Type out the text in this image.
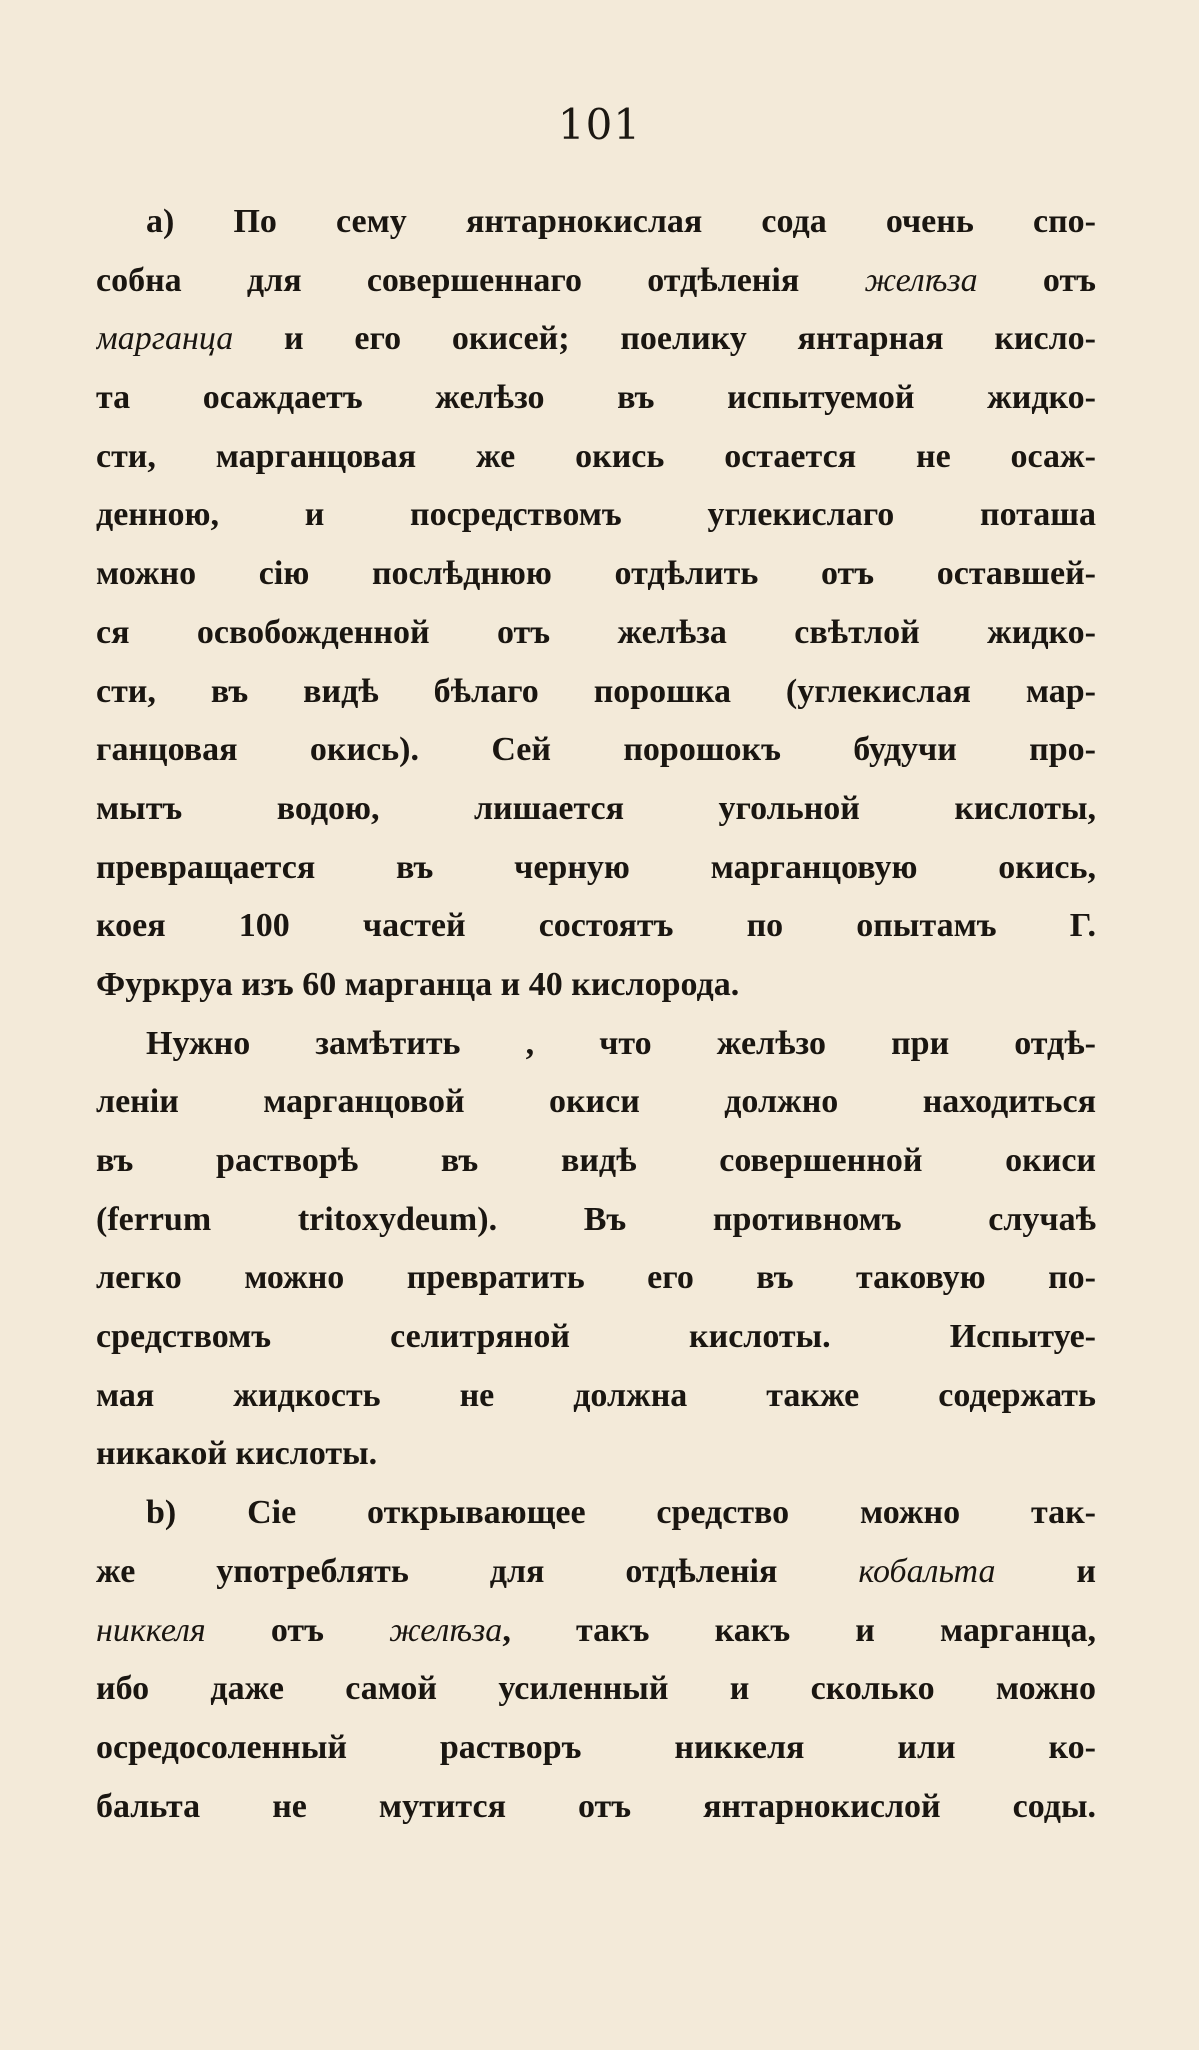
101
a) По сему янтарнокислая сода очень спо-
собна для совершеннаго отдѣленія желѣза отъ
марганца и его окисей; поелику янтарная кисло-
та осаждаетъ желѣзо въ испытуемой жидко-
сти, марганцовая же окись остается не осаж-
денною, и посредствомъ углекислаго поташа
можно сію послѣднюю отдѣлить отъ оставшей-
ся освобожденной отъ желѣза свѣтлой жидко-
сти, въ видѣ бѣлаго порошка (углекислая мар-
ганцовая окись). Сей порошокъ будучи про-
мытъ водою, лишается угольной кислоты,
превращается въ черную марганцовую окись,
коея 100 частей состоятъ по опытамъ Г.
Фуркруа изъ 60 марганца и 40 кислорода.
Нужно замѣтить , что желѣзо при отдѣ-
леніи марганцовой окиси должно находиться
въ растворѣ въ видѣ совершенной окиси
(ferrum tritoxydeum). Въ противномъ случаѣ
легко можно превратить его въ таковую по-
средствомъ селитряной кислоты. Испытуе-
мая жидкость не должна также содержать
никакой кислоты.
b) Сіе открывающее средство можно так-
же употреблять для отдѣленія кобальта и
никкеля отъ желѣза, такъ какъ и марганца,
ибо даже самой усиленный и сколько можно
осредосоленный растворъ никкеля или ко-
бальта не мутится отъ янтарнокислой соды.
